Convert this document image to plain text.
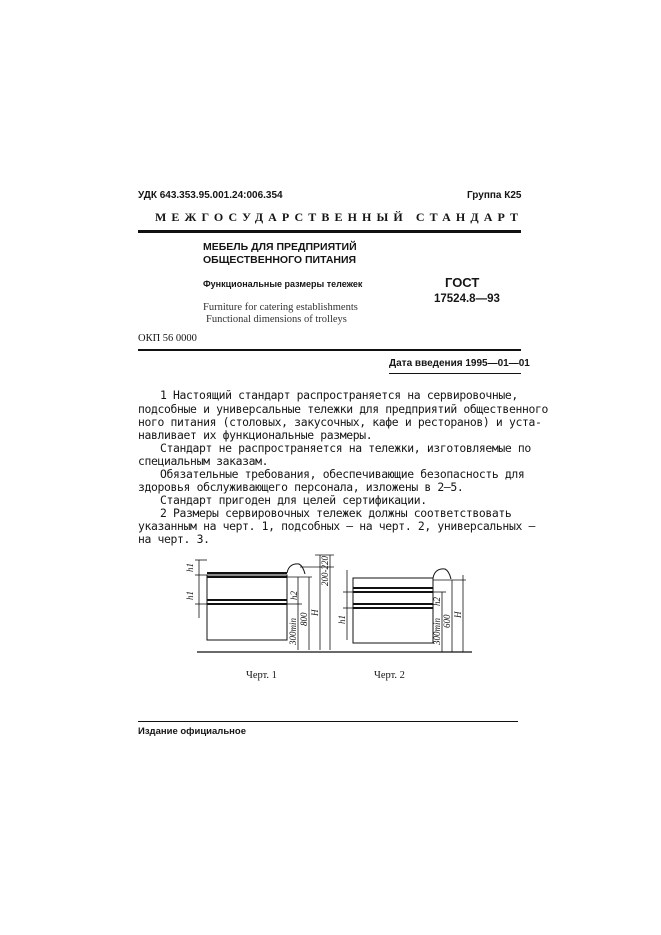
УДК 643.353.95.001.24:006.354	Группа К25
МЕЖГОСУДАРСТВЕННЫЙ СТАНДАРТ
МЕБЕЛЬ ДЛЯ ПРЕДПРИЯТИЙ
ОБЩЕСТВЕННОГО ПИТАНИЯ
Функциональные размеры тележек
Furniture for catering establishments
Functional dimensions of trolleys
ГОСТ
17524.8—93
ОКП 56 0000
Дата введения 1995—01—01
1 Настоящий стандарт распространяется на сервировочные,
подсобные и универсальные тележки для предприятий общественного
ного питания (столовых, закусочных, кафе и ресторанов) и уста-
навливает их функциональные размеры.
Стандарт не распространяется на тележки, изготовляемые по
специальным заказам.
Обязательные требования, обеспечивающие безопасность для
здоровья обслуживающего персонала, изложены в 2—5.
Стандарт пригоден для целей сертификации.
2 Размеры сервировочных тележек должны соответствовать
указанным на черт. 1, подсобных — на черт. 2, универсальных —
на черт. 3.
h1
h1	h2
300min 800 H
200-220
h1
h2
300min 600 H
Черт. 1	Черт. 2
Издание официальное
